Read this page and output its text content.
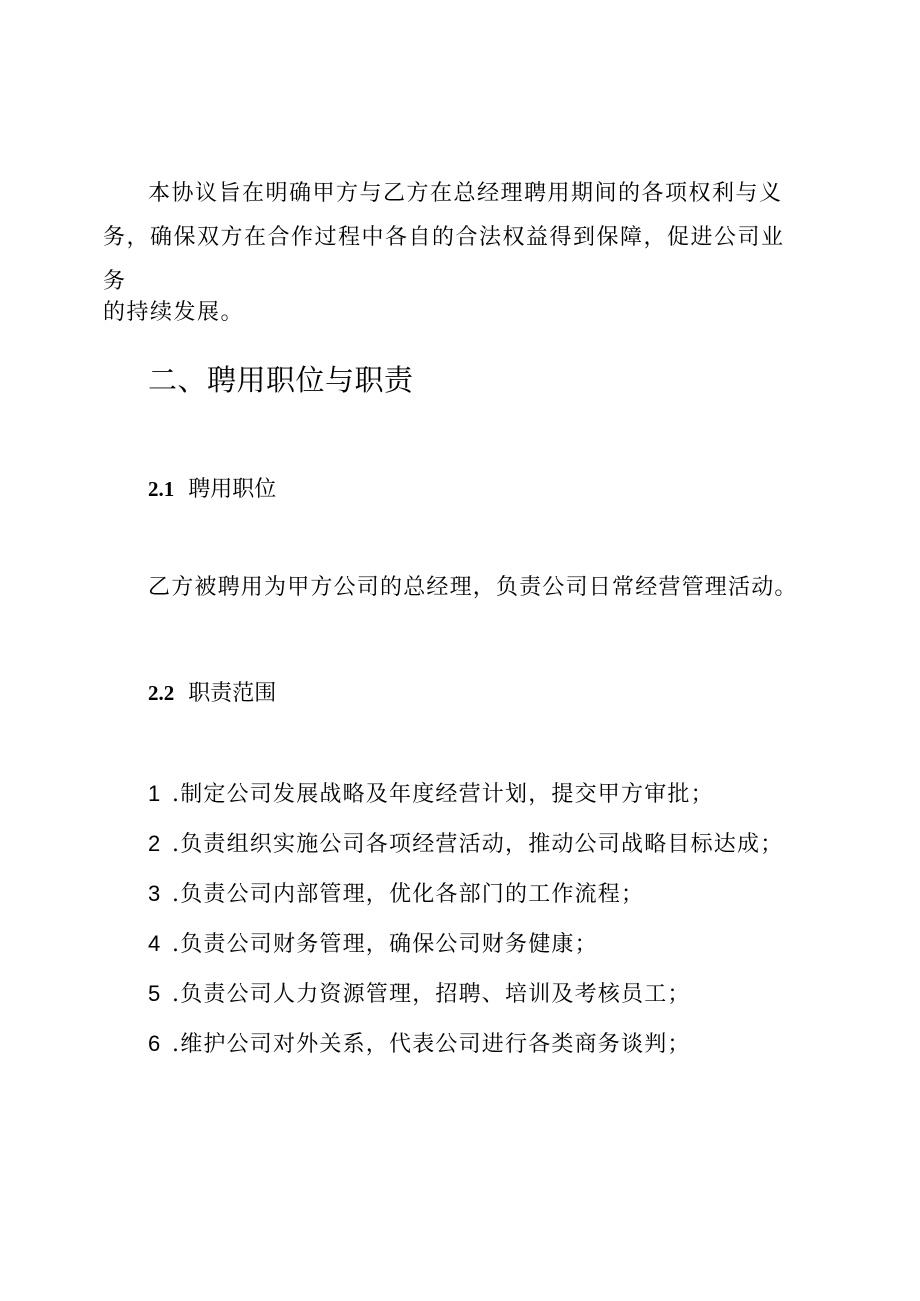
本协议旨在明确甲方与乙方在总经理聘用期间的各项权利与义务，确保双方在合作过程中各自的合法权益得到保障，促进公司业务
的持续发展。

二、聘用职位与职责
2.1 聘用职位

乙方被聘用为甲方公司的总经理，负责公司日常经营管理活动。

2.2 职责范围
1 .制定公司发展战略及年度经营计划，提交甲方审批；
2 .负责组织实施公司各项经营活动，推动公司战略目标达成；
3 .负责公司内部管理，优化各部门的工作流程；
4 .负责公司财务管理，确保公司财务健康；
5 .负责公司人力资源管理，招聘、培训及考核员工；
6 .维护公司对外关系，代表公司进行各类商务谈判；
